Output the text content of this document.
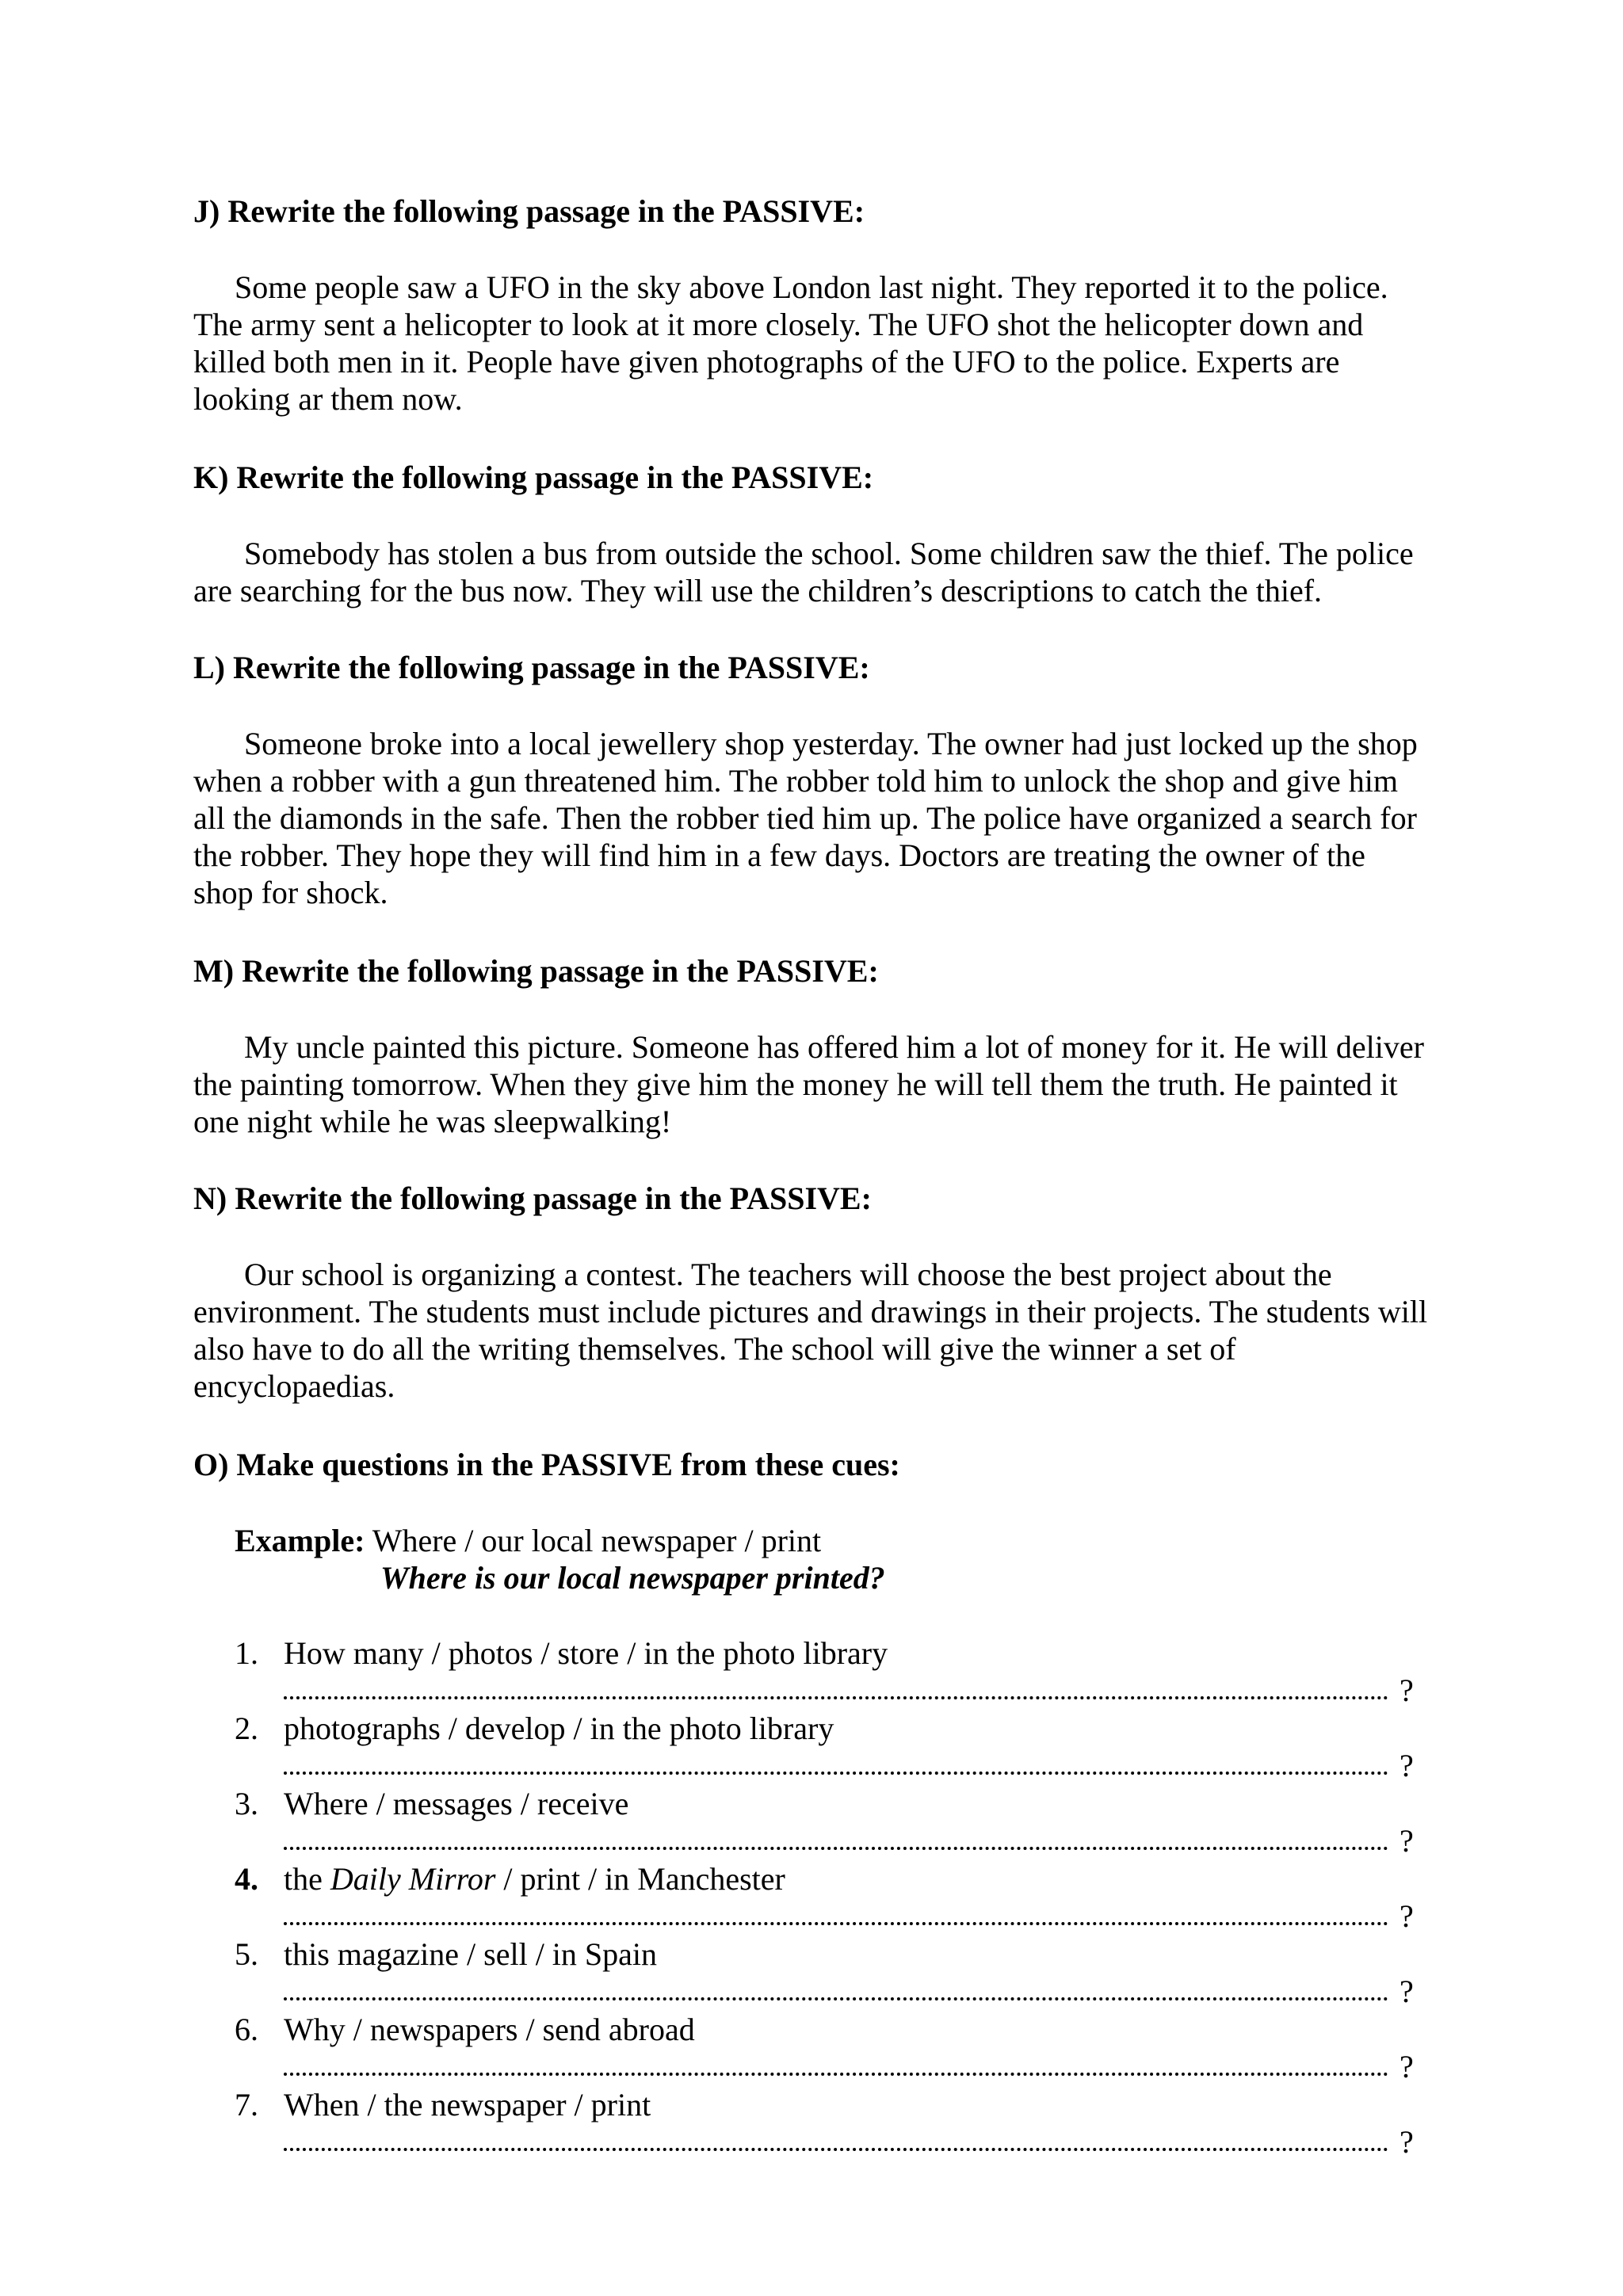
J) Rewrite the following passage in the PASSIVE:
Some people saw a UFO in the sky above London last night. They reported it to the police.
The army sent a helicopter to look at it more closely. The UFO shot the helicopter down and
killed both men in it. People have given photographs of the UFO to the police. Experts are
looking ar them now.
K) Rewrite the following passage in the PASSIVE:
Somebody has stolen a bus from outside the school. Some children saw the thief. The police
are searching for the bus now. They will use the children’s descriptions to catch the thief.
L) Rewrite the following passage in the PASSIVE:
Someone broke into a local jewellery shop yesterday. The owner had just locked up the shop
when a robber with a gun threatened him. The robber told him to unlock the shop and give him
all the diamonds in the safe. Then the robber tied him up. The police have organized a search for
the robber. They hope they will find him in a few days. Doctors are treating the owner of the
shop for shock.
M) Rewrite the following passage in the PASSIVE:
My uncle painted this picture. Someone has offered him a lot of money for it. He will deliver
the painting tomorrow. When they give him the money he will tell them the truth. He painted it
one night while he was sleepwalking!
N) Rewrite the following passage in the PASSIVE:
Our school is organizing a contest. The teachers will choose the best project about the
environment. The students must include pictures and drawings in their projects. The students will
also have to do all the writing themselves. The school will give the winner a set of
encyclopaedias.
O) Make questions in the PASSIVE from these cues:
Example: Where / our local newspaper / print
Where is our local newspaper printed?
1. How many / photos / store / in the photo library
?
2. photographs / develop / in the photo library
?
3. Where / messages / receive
?
4. the Daily Mirror / print / in Manchester
?
5. this magazine / sell / in Spain
?
6. Why / newspapers / send abroad
?
7. When / the newspaper / print
?
